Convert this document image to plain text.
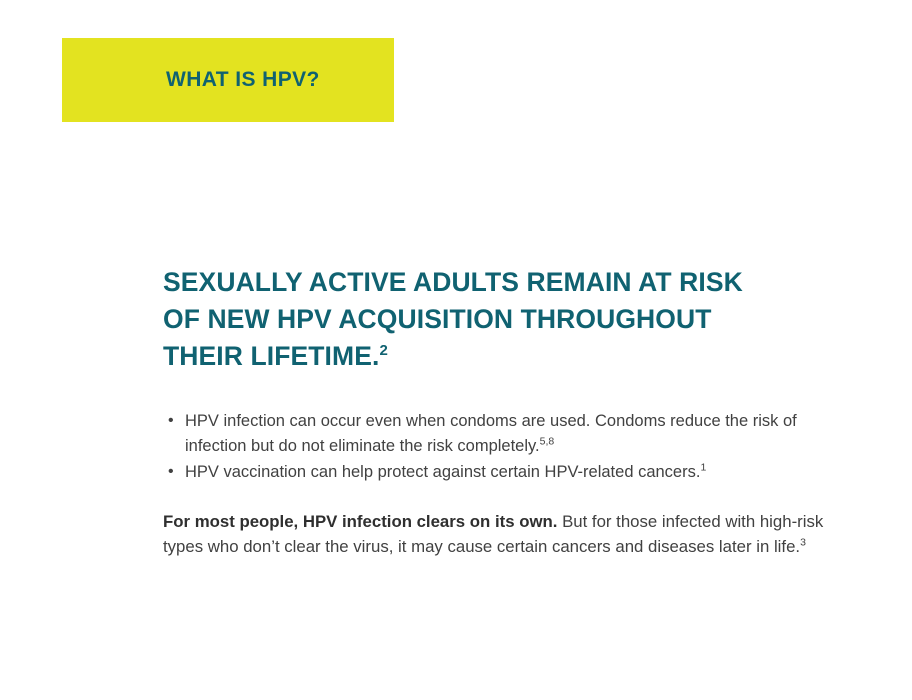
WHAT IS HPV?
SEXUALLY ACTIVE ADULTS REMAIN AT RISK
OF NEW HPV ACQUISITION THROUGHOUT
THEIR LIFETIME.$^2$
• HPV infection can occur even when condoms are used. Condoms reduce the risk of infection but do not eliminate the risk completely.$^{5,8}$
• HPV vaccination can help protect against certain HPV-related cancers.$^1$

For most people, HPV infection clears on its own. But for those infected with high-risk types who don’t clear the virus, it may cause certain cancers and diseases later in life.$^3$
